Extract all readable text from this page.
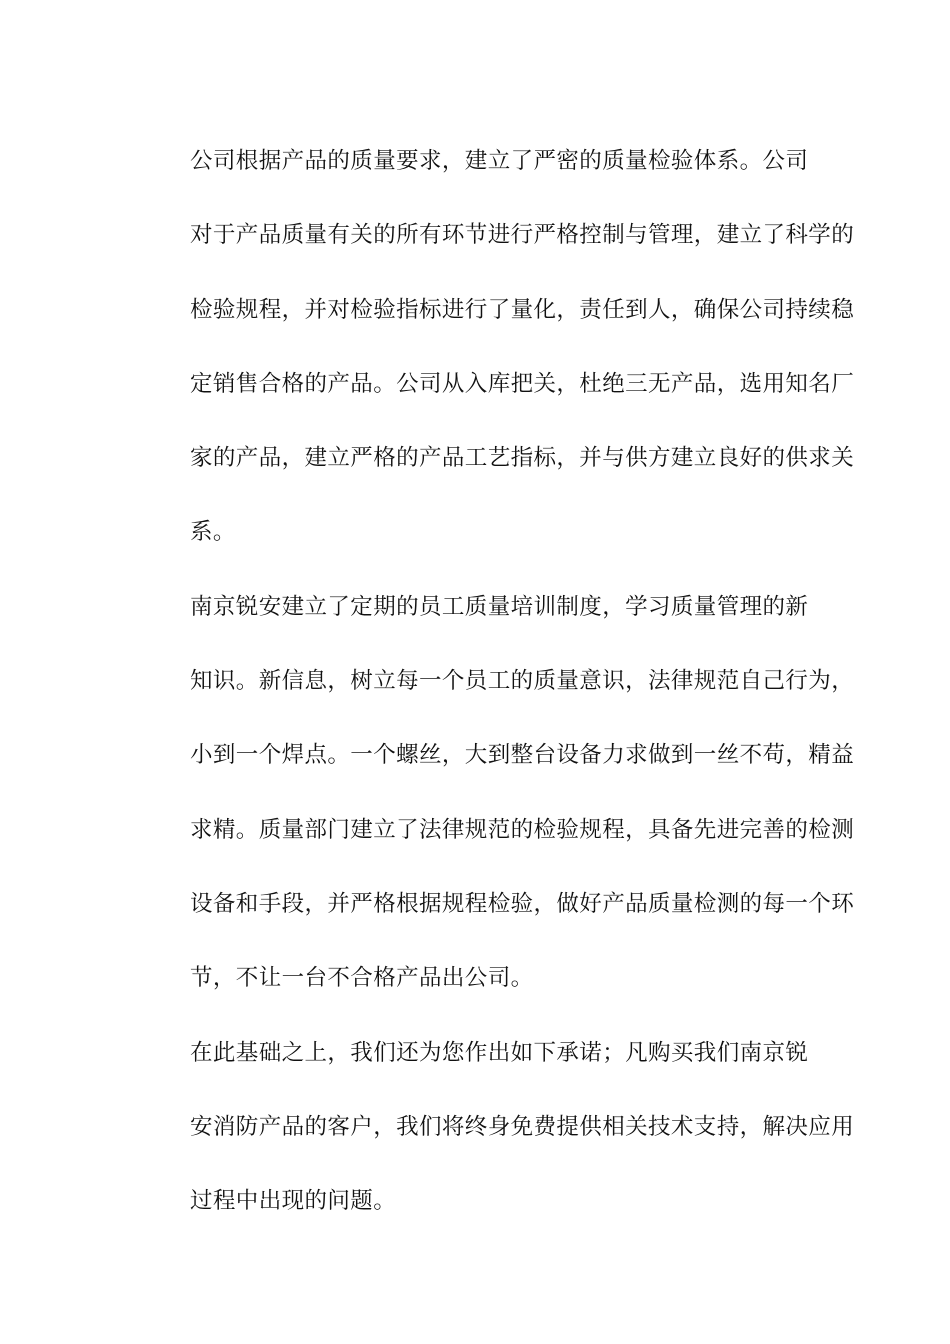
公司根据产品的质量要求，建立了严密的质量检验体系。公司
对于产品质量有关的所有环节进行严格控制与管理，建立了科学的
检验规程，并对检验指标进行了量化，责任到人，确保公司持续稳
定销售合格的产品。公司从入库把关，杜绝三无产品，选用知名厂
家的产品，建立严格的产品工艺指标，并与供方建立良好的供求关
系。

南京锐安建立了定期的员工质量培训制度，学习质量管理的新
知识。新信息，树立每一个员工的质量意识，法律规范自己行为，
小到一个焊点。一个螺丝，大到整台设备力求做到一丝不苟，精益
求精。质量部门建立了法律规范的检验规程，具备先进完善的检测
设备和手段，并严格根据规程检验，做好产品质量检测的每一个环
节，不让一台不合格产品出公司。

在此基础之上，我们还为您作出如下承诺；凡购买我们南京锐
安消防产品的客户，我们将终身免费提供相关技术支持，解决应用
过程中出现的问题。
